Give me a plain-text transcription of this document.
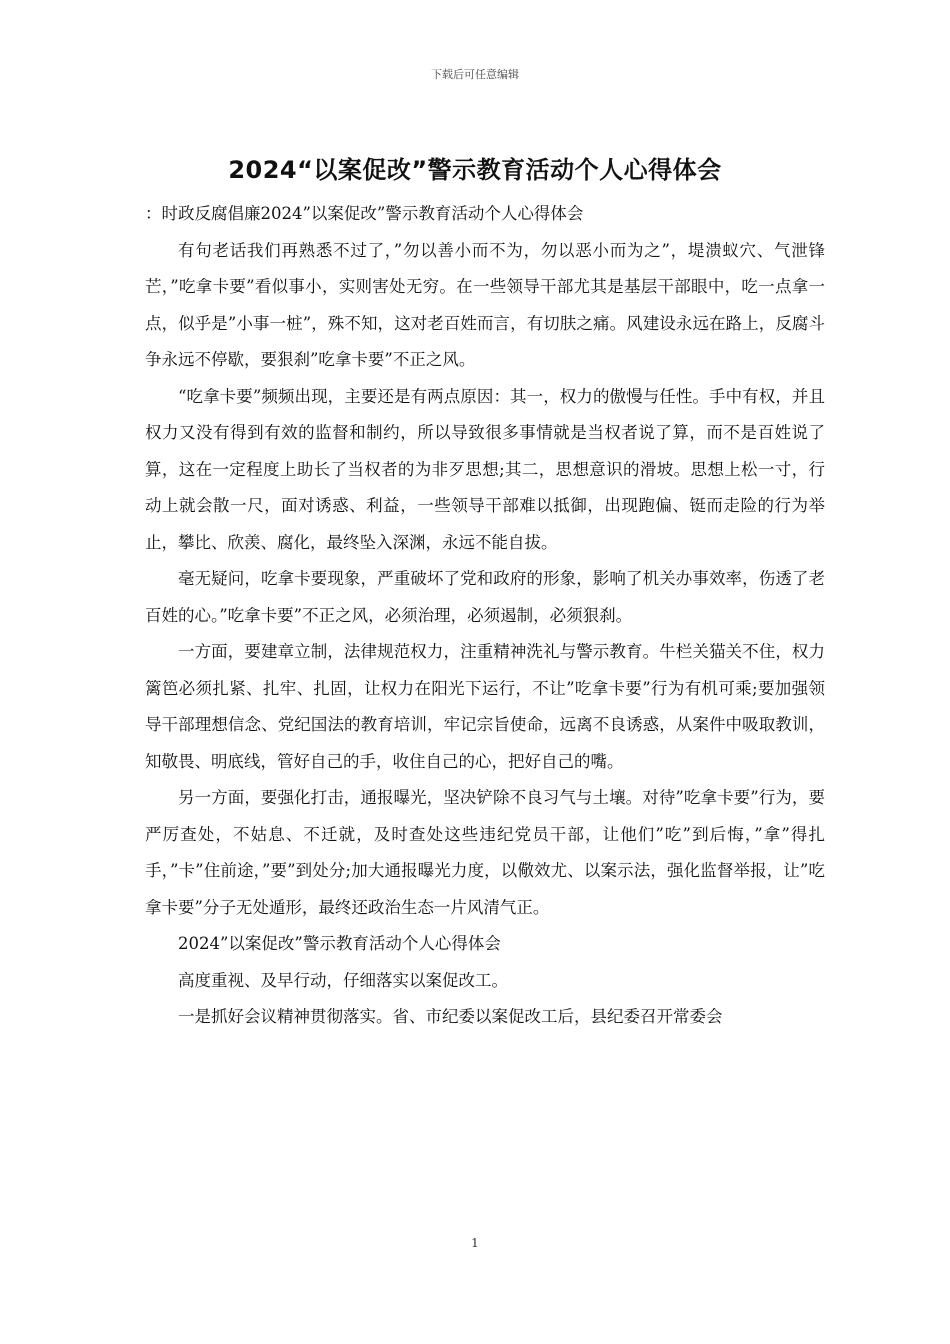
下载后可任意编辑
2024“以案促改”警示教育活动个人心得体会

：时政反腐倡廉2024”以案促改”警示教育活动个人心得体会

有句老话我们再熟悉不过了，”勿以善小而不为，勿以恶小而为之”，堤溃蚁穴、气泄锋芒，”吃拿卡要”看似事小，实则害处无穷。在一些领导干部尤其是基层干部眼中，吃一点拿一点，似乎是”小事一桩”，殊不知，这对老百姓而言，有切肤之痛。风建设永远在路上，反腐斗争永远不停歇，要狠刹”吃拿卡要”不正之风。

“吃拿卡要”频频出现，主要还是有两点原因：其一，权力的傲慢与任性。手中有权，并且权力又没有得到有效的监督和制约，所以导致很多事情就是当权者说了算，而不是百姓说了算，这在一定程度上助长了当权者的为非歹思想;其二，思想意识的滑坡。思想上松一寸，行动上就会散一尺，面对诱惑、利益，一些领导干部难以抵御，出现跑偏、铤而走险的行为举止，攀比、欣羡、腐化，最终坠入深渊，永远不能自拔。

毫无疑问，吃拿卡要现象，严重破坏了党和政府的形象，影响了机关办事效率，伤透了老百姓的心。”吃拿卡要”不正之风，必须治理，必须遏制，必须狠刹。

一方面，要建章立制，法律规范权力，注重精神洗礼与警示教育。牛栏关猫关不住，权力篱笆必须扎紧、扎牢、扎固，让权力在阳光下运行，不让”吃拿卡要”行为有机可乘;要加强领导干部理想信念、党纪国法的教育培训，牢记宗旨使命，远离不良诱惑，从案件中吸取教训，知敬畏、明底线，管好自己的手，收住自己的心，把好自己的嘴。

另一方面，要强化打击，通报曝光，坚决铲除不良习气与土壤。对待”吃拿卡要”行为，要严厉查处，不姑息、不迁就，及时查处这些违纪党员干部，让他们”吃”到后悔，”拿”得扎手，”卡”住前途，”要”到处分;加大通报曝光力度，以儆效尤、以案示法，强化监督举报，让”吃拿卡要”分子无处遁形，最终还政治生态一片风清气正。

2024”以案促改”警示教育活动个人心得体会

高度重视、及早行动，仔细落实以案促改工。

一是抓好会议精神贯彻落实。省、市纪委以案促改工后，县纪委召开常委会

1
